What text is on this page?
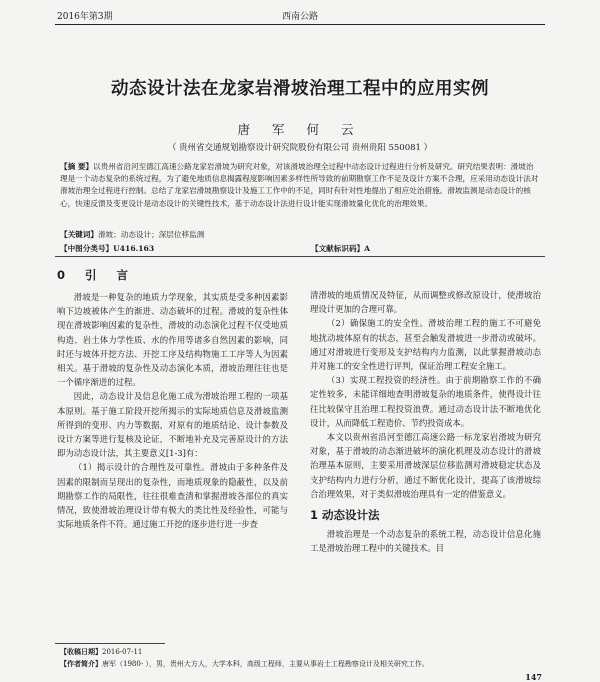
2016年第3期	西南公路
动态设计法在龙家岩滑坡治理工程中的应用实例
唐 军 何 云
（ 贵州省交通规划勘察设计研究院股份有限公司 贵州贵阳 550081 ）
【摘 要】以贵州省沿河至德江高速公路龙家岩滑坡为研究对象，对该滑坡治理全过程中动态设计过程进行分析及研究。研究结果表明：滑坡治理是一个动态复杂的系统过程，为了避免地质信息揭露程度影响因素多样性所导致的前期勘察工作不足及设计方案不合理，应采用动态设计法对滑坡治理全过程进行控制。总结了龙家岩滑坡勘察设计及施工工作中的不足，同时有针对性地提出了相应处治措施。滑坡监测是动态设计的核心，快速反馈及变更设计是动态设计的关键性技术，基于动态设计法进行设计能实现滑坡量化优化的治理效果。
【关键词】滑坡；动态设计；深层位移监测
【中图分类号】U416.163	【文献标识码】A
0 引 言

滑坡是一种复杂的地质力学现象，其实质是受多种因素影响下边坡被体产生的渐进、动态破坏的过程。滑坡的复杂性体现在滑坡影响因素的复杂性，滑坡的动态演化过程不仅受地质构造、岩土体力学性质、水的作用等诸多自然因素的影响，同时还与坡体开挖方法、开挖工序及结构物施工工序等人为因素相关。基于滑坡的复杂性及动态演化本质，滑坡治理往往也是一个循序渐进的过程。

因此，动态设计及信息化施工成为滑坡治理工程的一项基本原则。基于施工阶段开挖所揭示的实际地质信息及滑坡监测所得到的变形、内力等数据，对原有的地质结论、设计参数及设计方案等进行复核及论证，不断地补充及完善原设计的方法即为动态设计法，其主要意义[1-3]有：

（1）揭示设计的合理性及可靠性。滑坡由于多种条件及因素的限制而呈现出的复杂性，而地质现象的隐蔽性，以及前期勘察工作的局限性，往往很难查清和掌握滑坡各部位的真实情况，致使滑坡治理设计带有极大的类比性及经验性，可能与实际地质条件不符。通过施工开挖的逐步进行进一步查

清滑坡的地质情况及特征，从而调整或修改原设计，使滑坡治理设计更加的合理可靠。

（2）确保施工的安全性。滑坡治理工程的施工不可避免地扰动坡体原有的状态，甚至会触发滑坡进一步滑动或破坏。通过对滑坡进行变形及支护结构内力监测，以此掌握滑坡动态并对施工的安全性进行评判，保证治理工程安全施工。

（3）实现工程投资的经济性。由于前期勘察工作的不确定性较多，未能详细地查明滑坡复杂的地质条件，使得设计往往比较保守且治理工程投资浪费。通过动态设计法不断地优化设计，从而降低工程造价、节约投资成本。

本文以贵州省沿河至德江高速公路一标龙家岩滑坡为研究对象，基于滑坡的动态渐进破坏的演化机理及动态设计的滑坡治理基本原则，主要采用滑坡深层位移监测对滑坡稳定状态及支护结构内力进行分析，通过不断优化设计，提高了该滑坡综合治理效果，对于类似滑坡治理具有一定的借鉴意义。

1 动态设计法

滑坡治理是一个动态复杂的系统工程，动态设计信息化施工是滑坡治理工程中的关键技术。目

【收稿日期】2016-07-11
【作者简介】唐军（1980- ），男，贵州大方人，大学本科，高级工程师，主要从事岩土工程勘察设计及相关研究工作。
147
